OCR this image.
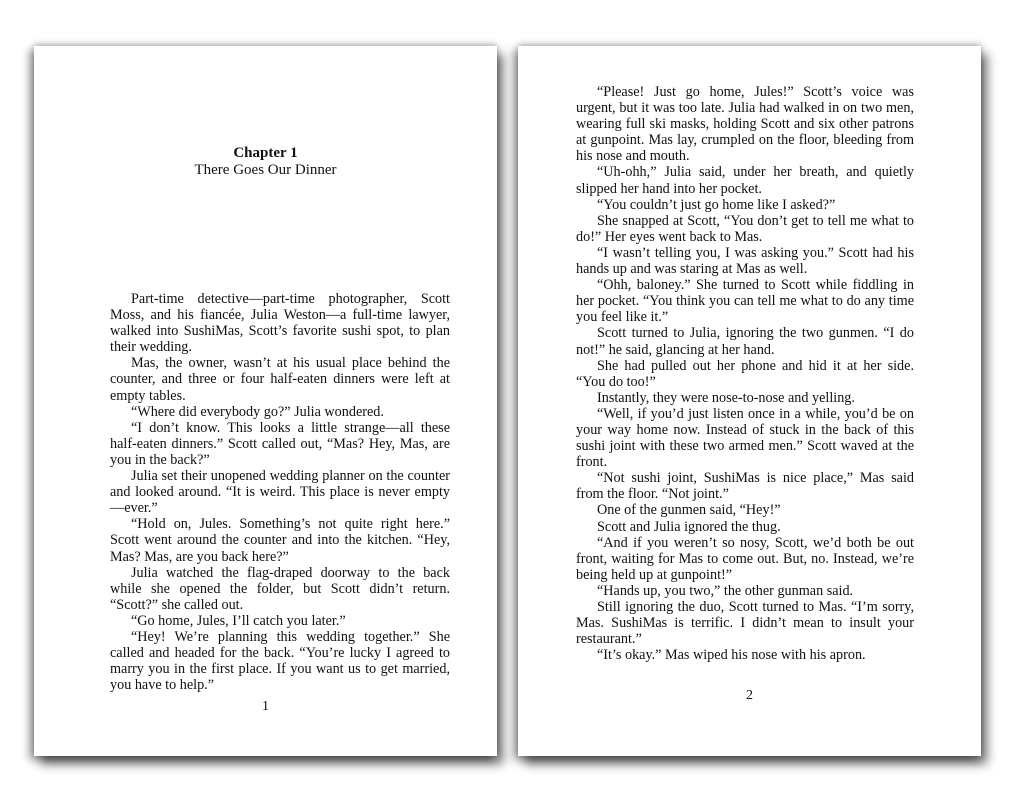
Chapter 1
There Goes Our Dinner

Part-time detective—part-time photographer, Scott Moss, and his fiancée, Julia Weston—a full-time lawyer, walked into SushiMas, Scott’s favorite sushi spot, to plan their wedding.

Mas, the owner, wasn’t at his usual place behind the counter, and three or four half-eaten dinners were left at empty tables.

“Where did everybody go?” Julia wondered.

“I don’t know. This looks a little strange—all these half-eaten dinners.” Scott called out, “Mas? Hey, Mas, are you in the back?”

Julia set their unopened wedding planner on the counter and looked around. “It is weird. This place is never empty—ever.”

“Hold on, Jules. Something’s not quite right here.” Scott went around the counter and into the kitchen. “Hey, Mas? Mas, are you back here?”

Julia watched the flag-draped doorway to the back while she opened the folder, but Scott didn’t return. “Scott?” she called out.

“Go home, Jules, I’ll catch you later.”

“Hey! We’re planning this wedding together.” She called and headed for the back. “You’re lucky I agreed to marry you in the first place. If you want us to get married, you have to help.”

1

“Please! Just go home, Jules!” Scott’s voice was urgent, but it was too late. Julia had walked in on two men, wearing full ski masks, holding Scott and six other patrons at gunpoint. Mas lay, crumpled on the floor, bleeding from his nose and mouth.

“Uh-ohh,” Julia said, under her breath, and quietly slipped her hand into her pocket.

“You couldn’t just go home like I asked?”

She snapped at Scott, “You don’t get to tell me what to do!” Her eyes went back to Mas.

“I wasn’t telling you, I was asking you.” Scott had his hands up and was staring at Mas as well.

“Ohh, baloney.” She turned to Scott while fiddling in her pocket. “You think you can tell me what to do any time you feel like it.”

Scott turned to Julia, ignoring the two gunmen. “I do not!” he said, glancing at her hand.

She had pulled out her phone and hid it at her side. “You do too!”

Instantly, they were nose-to-nose and yelling.

“Well, if you’d just listen once in a while, you’d be on your way home now. Instead of stuck in the back of this sushi joint with these two armed men.” Scott waved at the front.

“Not sushi joint, SushiMas is nice place,” Mas said from the floor. “Not joint.”

One of the gunmen said, “Hey!”

Scott and Julia ignored the thug.

“And if you weren’t so nosy, Scott, we’d both be out front, waiting for Mas to come out. But, no. Instead, we’re being held up at gunpoint!”

“Hands up, you two,” the other gunman said.

Still ignoring the duo, Scott turned to Mas. “I’m sorry, Mas. SushiMas is terrific. I didn’t mean to insult your restaurant.”

“It’s okay.” Mas wiped his nose with his apron.

2
